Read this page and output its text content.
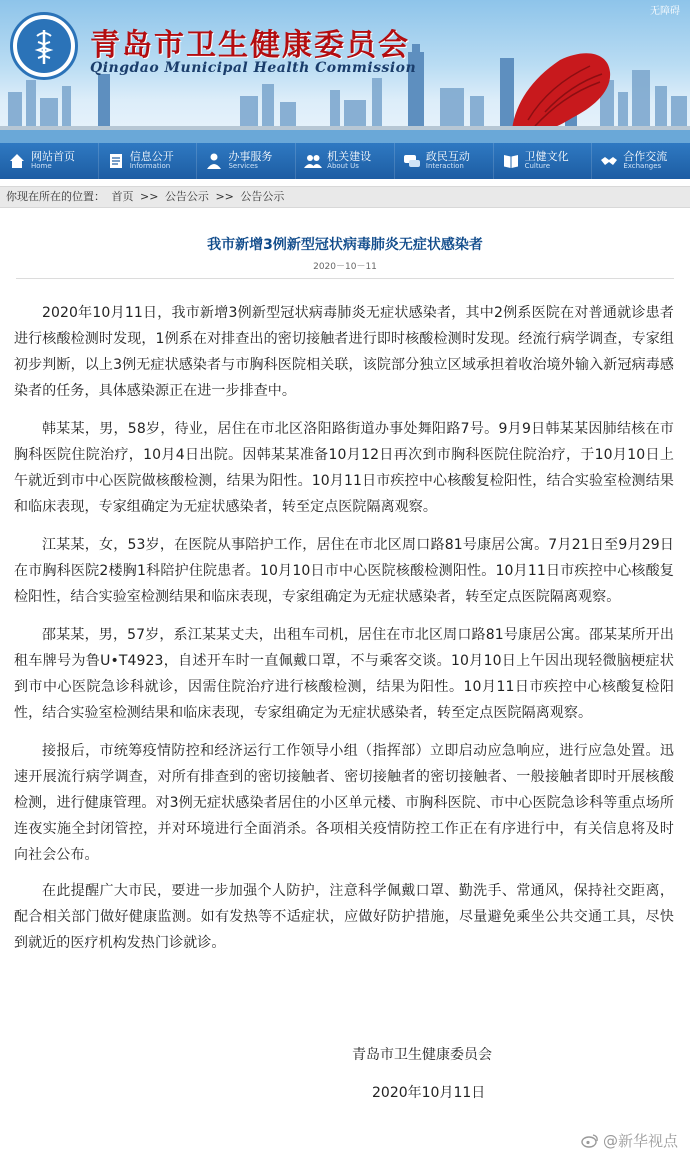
无障碍
青岛市卫生健康委员会
Qingdao Municipal Health Commission
网站首页
Home
信息公开
Information
办事服务
Services
机关建设
About Us
政民互动
Interaction
卫健文化
Culture
合作交流
Exchanges
你现在所在的位置： 首页 >> 公告公示 >> 公告公示
我市新增3例新型冠状病毒肺炎无症状感染者
2020－10－11

2020年10月11日，我市新增3例新型冠状病毒肺炎无症状感染者，其中2例系医院在对普通就诊患者进行核酸检测时发现，1例系在对排查出的密切接触者进行即时核酸检测时发现。经流行病学调查，专家组初步判断，以上3例无症状感染者与市胸科医院相关联，该院部分独立区域承担着收治境外输入新冠病毒感染者的任务，具体感染源正在进一步排查中。

韩某某，男，58岁，待业，居住在市北区洛阳路街道办事处舞阳路7号。9月9日韩某某因肺结核在市胸科医院住院治疗，10月4日出院。因韩某某准备10月12日再次到市胸科医院住院治疗，于10月10日上午就近到市中心医院做核酸检测，结果为阳性。10月11日市疾控中心核酸复检阳性，结合实验室检测结果和临床表现，专家组确定为无症状感染者，转至定点医院隔离观察。

江某某，女，53岁，在医院从事陪护工作，居住在市北区周口路81号康居公寓。7月21日至9月29日在市胸科医院2楼胸1科陪护住院患者。10月10日市中心医院核酸检测阳性。10月11日市疾控中心核酸复检阳性，结合实验室检测结果和临床表现，专家组确定为无症状感染者，转至定点医院隔离观察。

邵某某，男，57岁，系江某某丈夫，出租车司机，居住在市北区周口路81号康居公寓。邵某某所开出租车牌号为鲁U•T4923，自述开车时一直佩戴口罩，不与乘客交谈。10月10日上午因出现轻微脑梗症状到市中心医院急诊科就诊，因需住院治疗进行核酸检测，结果为阳性。10月11日市疾控中心核酸复检阳性，结合实验室检测结果和临床表现，专家组确定为无症状感染者，转至定点医院隔离观察。

接报后，市统筹疫情防控和经济运行工作领导小组（指挥部）立即启动应急响应，进行应急处置。迅速开展流行病学调查，对所有排查到的密切接触者、密切接触者的密切接触者、一般接触者即时开展核酸检测，进行健康管理。对3例无症状感染者居住的小区单元楼、市胸科医院、市中心医院急诊科等重点场所连夜实施全封闭管控，并对环境进行全面消杀。各项相关疫情防控工作正在有序进行中，有关信息将及时向社会公布。

在此提醒广大市民，要进一步加强个人防护，注意科学佩戴口罩、勤洗手、常通风，保持社交距离，配合相关部门做好健康监测。如有发热等不适症状，应做好防护措施，尽量避免乘坐公共交通工具，尽快到就近的医疗机构发热门诊就诊。

青岛市卫生健康委员会
2020年10月11日
@新华视点
